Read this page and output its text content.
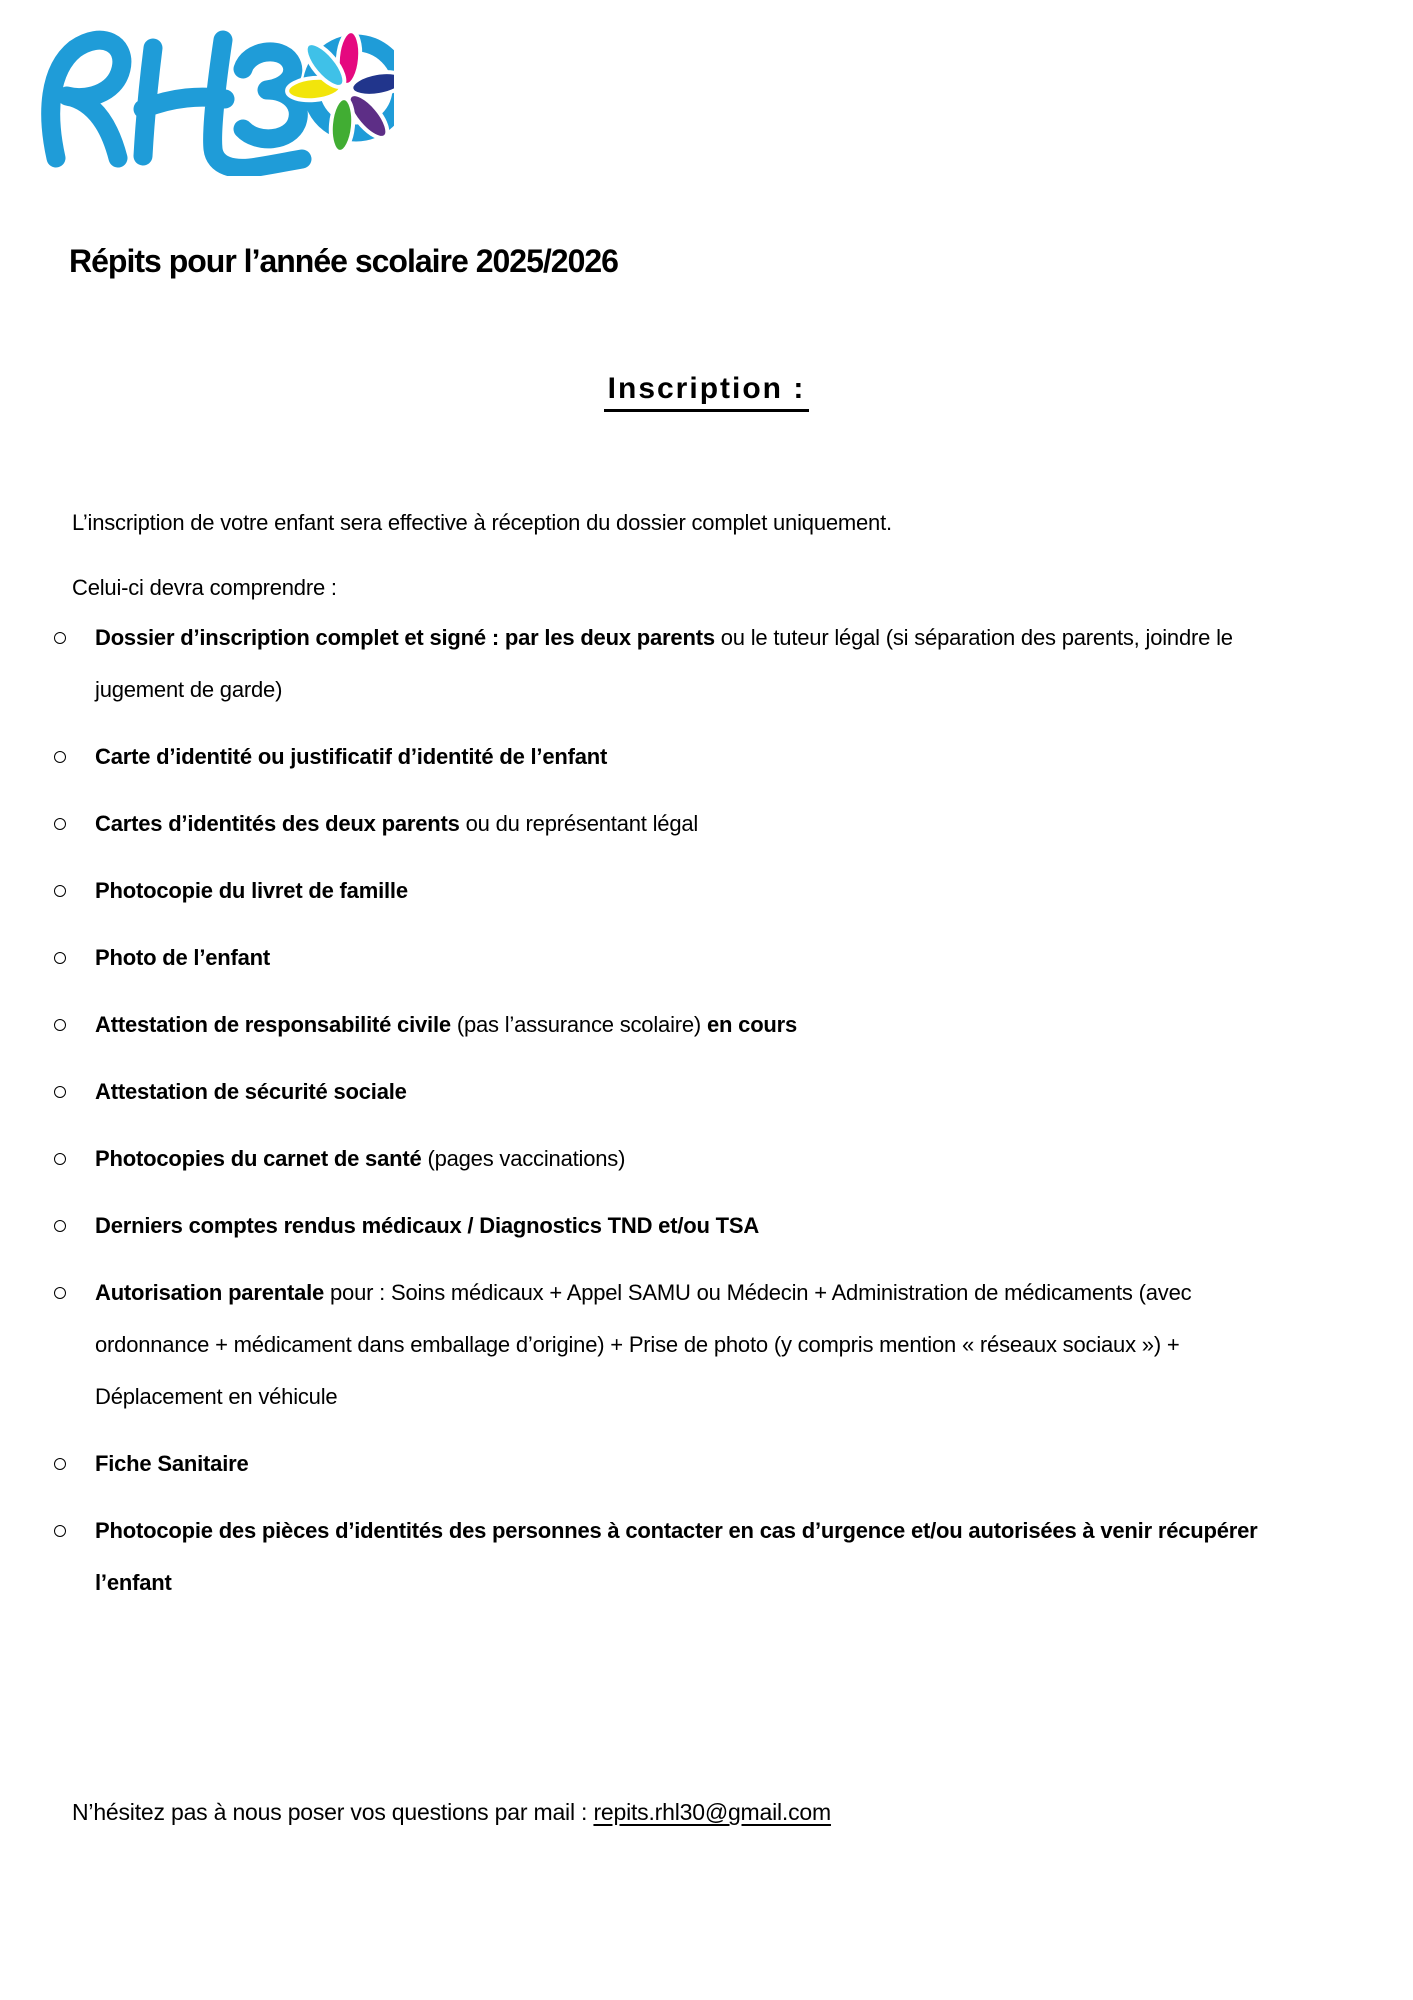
Répits pour l’année scolaire 2025/2026
Inscription :

L’inscription de votre enfant sera effective à réception du dossier complet uniquement.

Celui-ci devra comprendre :

Dossier d’inscription complet et signé : par les deux parents ou le tuteur légal (si séparation des parents, joindre le jugement de garde)
Carte d’identité ou justificatif d’identité de l’enfant
Cartes d’identités des deux parents ou du représentant légal
Photocopie du livret de famille
Photo de l’enfant
Attestation de responsabilité civile (pas l’assurance scolaire) en cours
Attestation de sécurité sociale
Photocopies du carnet de santé (pages vaccinations)
Derniers comptes rendus médicaux / Diagnostics TND et/ou TSA
Autorisation parentale pour : Soins médicaux + Appel SAMU ou Médecin + Administration de médicaments (avec ordonnance + médicament dans emballage d’origine) + Prise de photo (y compris mention « réseaux sociaux ») + Déplacement en véhicule
Fiche Sanitaire
Photocopie des pièces d’identités des personnes à contacter en cas d’urgence et/ou autorisées à venir récupérer l’enfant

N’hésitez pas à nous poser vos questions par mail : repits.rhl30@gmail.com
